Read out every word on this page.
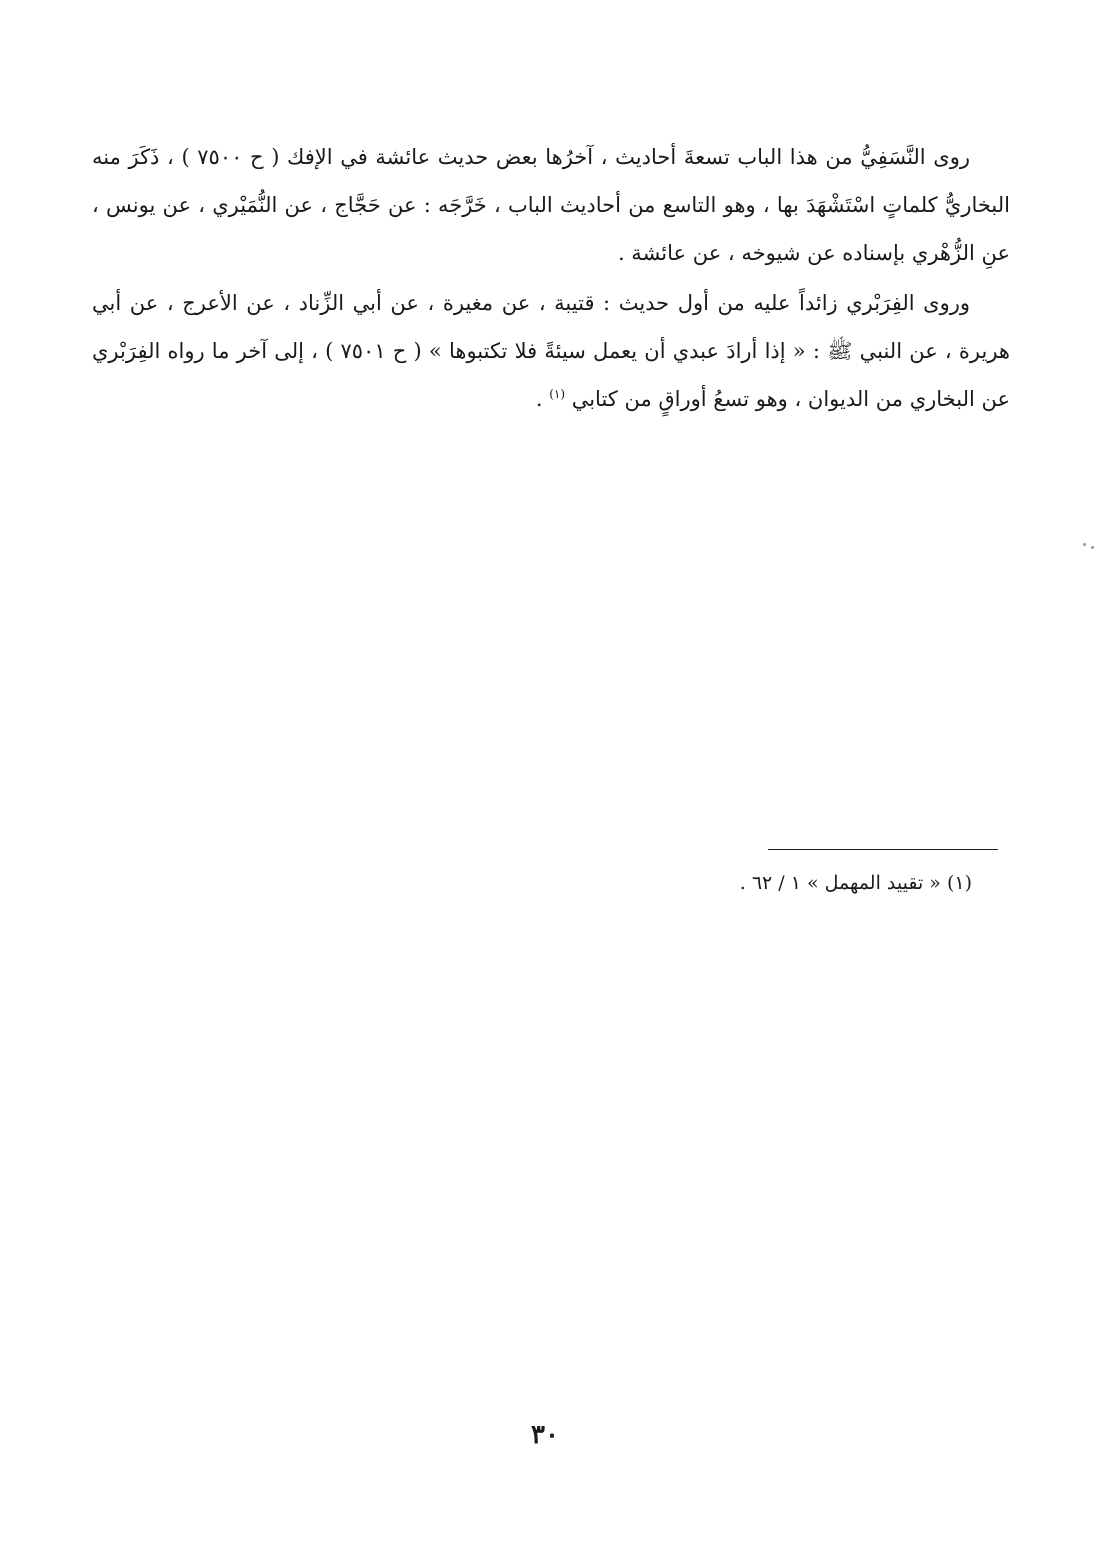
روى النَّسَفِيُّ من هذا الباب تسعةَ أحاديث ، آخرُها بعض حديث عائشة في الإفك ( ح ٧٥٠٠ ) ، ذَكَرَ منه البخاريُّ كلماتٍ اسْتَشْهَدَ بها ، وهو التاسع من أحاديث الباب ، خَرَّجَه : عن حَجَّاج ، عن النُّمَيْري ، عن يونس ، عنِ الزُّهْري بإسناده عن شيوخه ، عن عائشة .

وروى الفِرَبْري زائداً عليه من أول حديث : قتيبة ، عن مغيرة ، عن أبي الزِّناد ، عن الأعرج ، عن أبي هريرة ، عن النبي ﷺ : « إذا أرادَ عبدي أن يعمل سيئةً فلا تكتبوها » ( ح ٧٥٠١ ) ، إلى آخر ما رواه الفِرَبْري عن البخاري من الديوان ، وهو تسعُ أوراقٍ من كتابي $^{(١)}$ .

(١) « تقييد المهمل » ١ / ٦٢ .
٣٠
